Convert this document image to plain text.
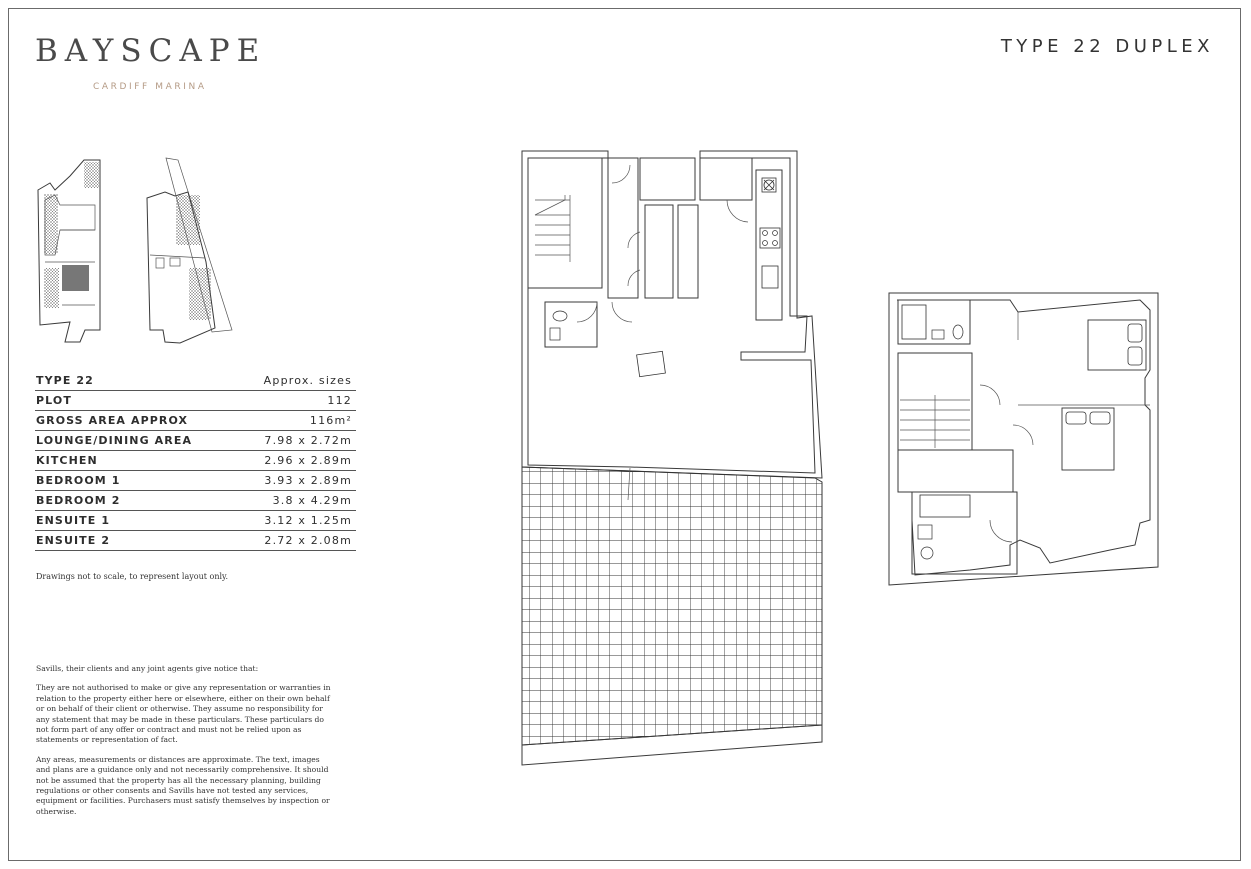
BAYSCAPE
CARDIFF MARINA
TYPE 22 DUPLEX
TYPE 22	Approx. sizes
PLOT	112
GROSS AREA APPROX	116m²
LOUNGE/DINING AREA	7.98 x 2.72m
KITCHEN	2.96 x 2.89m
BEDROOM 1	3.93 x 2.89m
BEDROOM 2	3.8 x 4.29m
ENSUITE 1	3.12 x 1.25m
ENSUITE 2	2.72 x 2.08m
Drawings not to scale, to represent layout only.

Savills, their clients and any joint agents give notice that:

They are not authorised to make or give any representation or warranties in relation to the property either here or elsewhere, either on their own behalf or on behalf of their client or otherwise. They assume no responsibility for any statement that may be made in these particulars. These particulars do not form part of any offer or contract and must not be relied upon as statements or representation of fact.

Any areas, measurements or distances are approximate. The text, images and plans are a guidance only and not necessarily comprehensive. It should not be assumed that the property has all the necessary planning, building regulations or other consents and Savills have not tested any services, equipment or facilities. Purchasers must satisfy themselves by inspection or otherwise.
